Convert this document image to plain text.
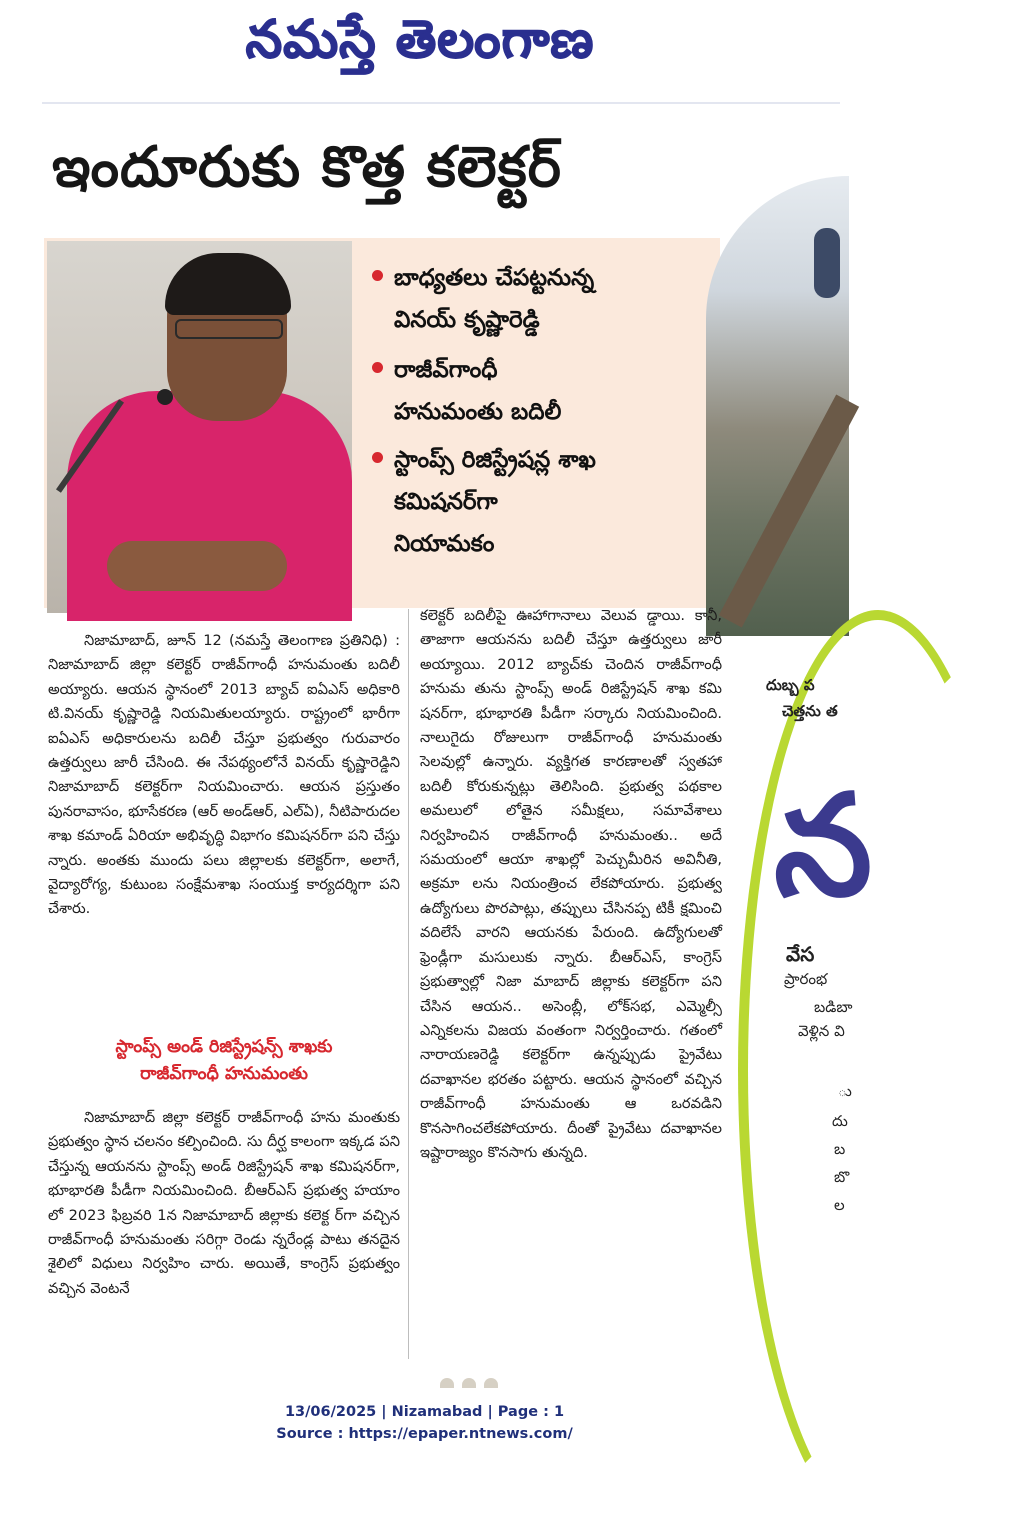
నమస్తే తెలంగాణ
ఇందూరుకు కొత్త కలెక్టర్
బాధ్యతలు చేపట్టనున్న
వినయ్ కృష్ణారెడ్డి
రాజీవ్‌గాంధీ
హనుమంతు బదిలీ
స్టాంప్స్ రిజిస్ట్రేషన్ల శాఖ
కమిషనర్‌గా
నియామకం
దుబ్బ ప
చెత్తను త
న
వేస
ప్రారంభ
బడిబా
వెళ్లిన వి
ు
దు
బ
బొ
ల

నిజామాబాద్, జూన్ 12 (నమస్తే తెలంగాణ ప్రతినిధి) : నిజామాబాద్ జిల్లా కలెక్టర్ రాజీవ్‌గాంధీ హనుమంతు బదిలీ అయ్యారు. ఆయన స్థానంలో 2013 బ్యాచ్ ఐఏఎస్ అధికారి టి.వినయ్ కృష్ణారెడ్డి నియమితులయ్యారు. రాష్ట్రంలో భారీగా ఐఏఎస్ అధికారులను బదిలీ చేస్తూ ప్రభుత్వం గురువారం ఉత్తర్వులు జారీ చేసింది. ఈ నేపథ్యంలోనే వినయ్ కృష్ణారెడ్డిని నిజామాబాద్ కలెక్టర్‌గా నియమించారు. ఆయన ప్రస్తుతం పునరావాసం, భూసేకరణ (ఆర్ అండ్‌ఆర్, ఎల్‌ఏ), నీటిపారుదల శాఖ కమాండ్ ఏరియా అభివృద్ధి విభాగం కమిషనర్‌గా పని చేస్తు న్నారు. అంతకు ముందు పలు జిల్లాలకు కలెక్టర్‌గా, అలాగే, వైద్యారోగ్య, కుటుంబ సంక్షేమశాఖ సంయుక్త కార్యదర్శిగా పని చేశారు.

స్టాంప్స్ అండ్ రిజిస్ట్రేషన్స్ శాఖకు
రాజీవ్‌గాంధీ హనుమంతు

నిజామాబాద్ జిల్లా కలెక్టర్ రాజీవ్‌గాంధీ హను మంతుకు ప్రభుత్వం స్థాన చలనం కల్పించింది. సు దీర్ఘ కాలంగా ఇక్కడ పని చేస్తున్న ఆయనను స్టాంప్స్ అండ్ రిజిస్ట్రేషన్ శాఖ కమిషనర్‌గా, భూభారతి పీడీగా నియమించింది. బీఆర్‌ఎస్ ప్రభుత్వ హయాం లో 2023 ఫిబ్రవరి 1న నిజామాబాద్ జిల్లాకు కలెక్ట ర్‌గా వచ్చిన రాజీవ్‌గాంధీ హనుమంతు సరిగ్గా రెండు న్నరేండ్ల పాటు తనదైన శైలిలో విధులు నిర్వహిం చారు. అయితే, కాంగ్రెస్ ప్రభుత్వం వచ్చిన వెంటనే

కలెక్టర్ బదిలీపై ఊహాగానాలు వెలువ డ్డాయి. కానీ, తాజాగా ఆయనను బదిలీ చేస్తూ ఉత్తర్వులు జారీ అయ్యాయి. 2012 బ్యాచ్‌కు చెందిన రాజీవ్‌గాంధీ హనుమ తును స్టాంప్స్ అండ్ రిజిస్ట్రేషన్ శాఖ కమి షనర్‌గా, భూభారతి పీడీగా సర్కారు నియమించింది. నాలుగైదు రోజులుగా రాజీవ్‌గాంధీ హనుమంతు సెలవుల్లో ఉన్నారు. వ్యక్తిగత కారణాలతో స్వతహా బదిలీ కోరుకున్నట్లు తెలిసింది. ప్రభుత్వ పథకాల అమలులో లోతైన సమీక్షలు, సమావేశాలు నిర్వహించిన రాజీవ్‌గాంధీ హనుమంతు.. అదే సమయంలో ఆయా శాఖల్లో పెచ్చుమీరిన అవినీతి, అక్రమా లను నియంత్రించ లేకపోయారు. ప్రభుత్వ ఉద్యోగులు పొరపాట్లు, తప్పులు చేసినప్ప టికీ క్షమించి వదిలేసే వారని ఆయనకు పేరుంది. ఉద్యోగులతో ఫ్రెండ్లీగా మసులుకు న్నారు. బీఆర్‌ఎస్, కాంగ్రెస్ ప్రభుత్వాల్లో నిజా మాబాద్ జిల్లాకు కలెక్టర్‌గా పని చేసిన ఆయన.. అసెంబ్లీ, లోక్‌సభ, ఎమ్మెల్సీ ఎన్నికలను విజయ వంతంగా నిర్వర్తించారు. గతంలో నారాయణరెడ్డి కలెక్టర్‌గా ఉన్నప్పుడు ప్రైవేటు దవాఖానల భరతం పట్టారు. ఆయన స్థానంలో వచ్చిన రాజీవ్‌గాంధీ హనుమంతు ఆ ఒరవడిని కొనసాగించలేకపోయారు. దీంతో ప్రైవేటు దవాఖానల ఇష్టారాజ్యం కొనసాగు తున్నది.

13/06/2025 | Nizamabad | Page : 1
Source : https://epaper.ntnews.com/
